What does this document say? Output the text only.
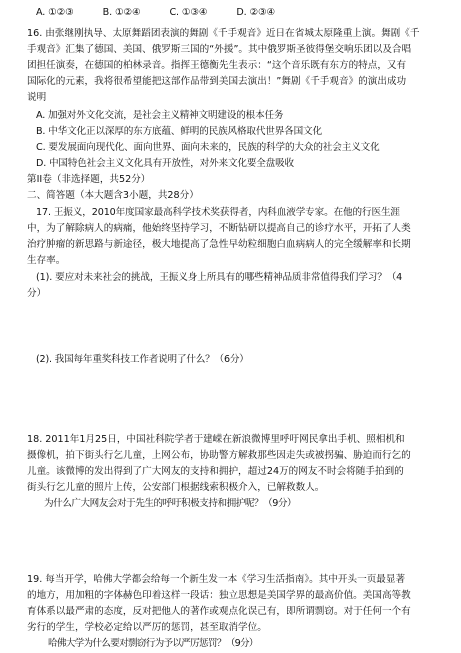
A. ①②③	B. ①②④	C. ①③④	D. ②③④
16. 由张继刚执导、太原舞蹈团表演的舞剧《千手观音》近日在省城太原隆重上演。舞剧《千
手观音》汇集了德国、美国、俄罗斯三国的“外援”。其中俄罗斯圣彼得堡交响乐团以及合唱
团担任演奏，在德国的柏林录音。指挥王德衡先生表示：“这个音乐既有东方的特点，又有
国际化的元素，我将很希望能把这部作品带到美国去演出！”舞剧《千手观音》的演出成功
说明
A. 加强对外文化交流，是社会主义精神文明建设的根本任务
B. 中华文化正以深厚的东方底蕴、鲜明的民族风格取代世界各国文化
C. 要发展面向现代化、面向世界、面向未来的，民族的科学的大众的社会主义文化
D. 中国特色社会主义文化具有开放性，对外来文化要全盘吸收
第II卷（非选择题，共52分）
二、简答题（本大题含3小题，共28分）
17. 王振义，2010年度国家最高科学技术奖获得者，内科血液学专家。在他的行医生涯
中，为了解除病人的病痛，他始终坚持学习，不断钻研以提高自己的诊疗水平，开拓了人类
治疗肿瘤的新思路与新途径，极大地提高了急性早幼粒细胞白血病病人的完全缓解率和长期
生存率。
(1). 要应对未来社会的挑战，王振义身上所具有的哪些精神品质非常值得我们学习？（4
分）
(2). 我国每年重奖科技工作者说明了什么？（6分）
18. 2011年1月25日，中国社科院学者于建嵘在新浪微博里呼吁网民拿出手机、照相机和
摄像机，拍下街头行乞儿童，上网公布，协助警方解救那些因走失或被拐骗、胁迫而行乞的
儿童。该微博的发出得到了广大网友的支持和拥护，超过24万的网友不时会将随手拍到的
街头行乞儿童的照片上传，公安部门根据线索积极介入，已解救数人。
为什么广大网友会对于先生的呼吁积极支持和拥护呢？（9分）
19. 每当开学，哈佛大学都会给每一个新生发一本《学习生活指南》。其中开头一页最显著
的地方，用加粗的字体赫色印着这样一段话：独立思想是美国学界的最高价值。美国高等教
育体系以最严肃的态度，反对把他人的著作或观点化误己有，即所谓剽窃。对于任何一个有
劣行的学生，学校必定给以严厉的惩罚，甚至取消学位。
哈佛大学为什么要对剽窃行为予以严厉惩罚？（9分）
